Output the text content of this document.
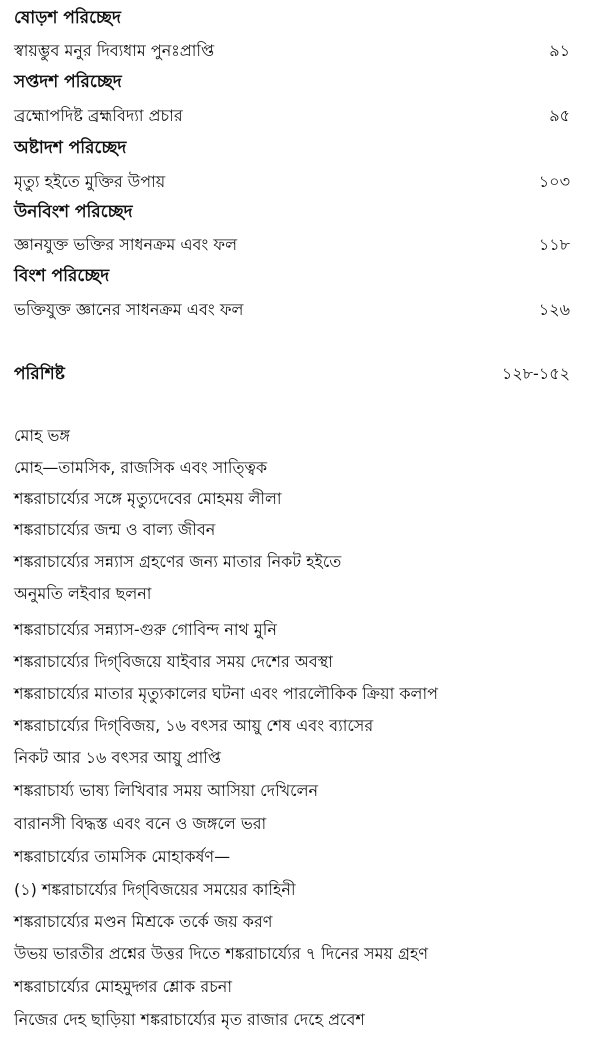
ষোড়শ পরিচ্ছেদ
স্বায়ম্ভুব মনুর দিব্যধাম পুনঃপ্রাপ্তি	৯১
সপ্তদশ পরিচ্ছেদ
ব্রহ্মোপদিষ্ট ব্রহ্মবিদ্যা প্রচার	৯৫
অষ্টাদশ পরিচ্ছেদ
মৃত্যু হইতে মুক্তির উপায়	১০৩
উনবিংশ পরিচ্ছেদ
জ্ঞানযুক্ত ভক্তির সাধনক্রম এবং ফল	১১৮
বিংশ পরিচ্ছেদ
ভক্তিযুক্ত জ্ঞানের সাধনক্রম এবং ফল	১২৬
পরিশিষ্ট	১২৮-১৫২
মোহ ভঙ্গ
মোহ—তামসিক, রাজসিক এবং সাত্ত্বিক
শঙ্করাচার্য্যের সঙ্গে মৃত্যুদেবের মোহময় লীলা
শঙ্করাচার্য্যের জন্ম ও বাল্য জীবন
শঙ্করাচার্য্যের সন্ন্যাস গ্রহণের জন্য মাতার নিকট হইতে
অনুমতি লইবার ছলনা
শঙ্করাচার্য্যের সন্ন্যাস-গুরু গোবিন্দ নাথ মুনি
শঙ্করাচার্য্যের দিগ্‌বিজয়ে যাইবার সময় দেশের অবস্থা
শঙ্করাচার্য্যের মাতার মৃত্যুকালের ঘটনা এবং পারলৌকিক ক্রিয়া কলাপ
শঙ্করাচার্য্যের দিগ্‌বিজয়, ১৬ বৎসর আয়ু শেষ এবং ব্যাসের
নিকট আর ১৬ বৎসর আয়ু প্রাপ্তি
শঙ্করাচার্য্য ভাষ্য লিখিবার সময় আসিয়া দেখিলেন
বারানসী বিদ্ধস্ত এবং বনে ও জঙ্গলে ভরা
শঙ্করাচার্য্যের তামসিক মোহাকর্ষণ—
(১) শঙ্করাচার্য্যের দিগ্‌বিজয়ের সময়ের কাহিনী
শঙ্করাচার্য্যের মণ্ডন মিশ্রকে তর্কে জয় করণ
উভয় ভারতীর প্রশ্নের উত্তর দিতে শঙ্করাচার্য্যের ৭ দিনের সময় গ্রহণ
শঙ্করাচার্য্যের মোহমুদ্গর শ্লোক রচনা
নিজের দেহ ছাড়িয়া শঙ্করাচার্য্যের মৃত রাজার দেহে প্রবেশ
